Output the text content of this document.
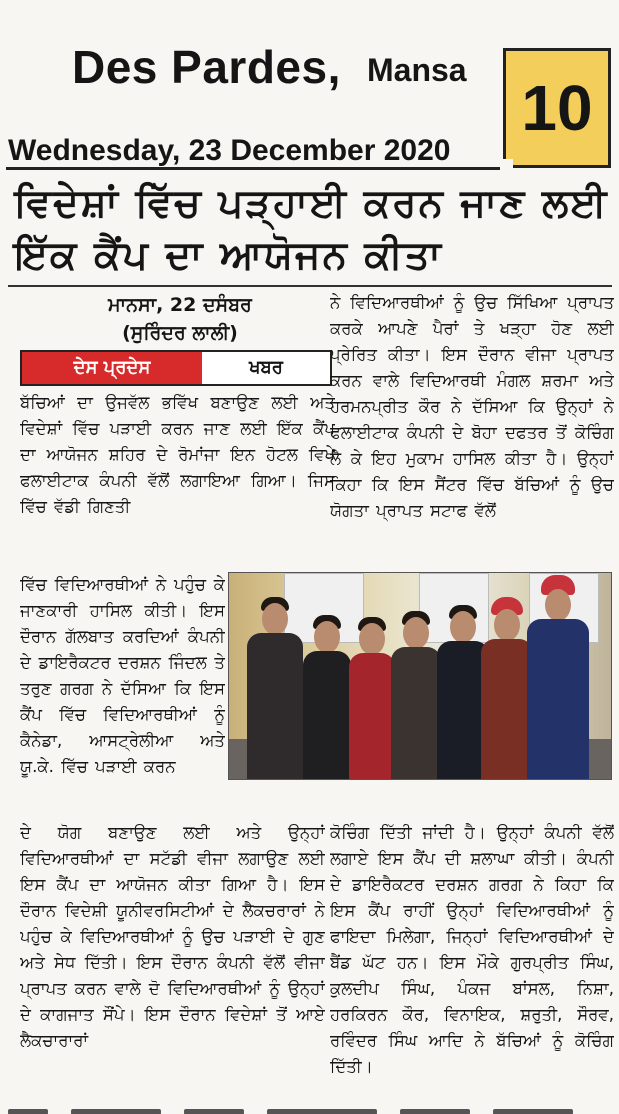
Des Pardes, Mansa
10
Wednesday, 23 December 2020
ਵਿਦੇਸ਼ਾਂ ਵਿੱਚ ਪੜ੍ਹਾਈ ਕਰਨ ਜਾਣ ਲਈ ਇੱਕ ਕੈਂਪ ਦਾ ਆਯੋਜਨ ਕੀਤਾ
ਮਾਨਸਾ, 22 ਦਸੰਬਰ
(ਸੁਰਿੰਦਰ ਲਾਲੀ)
ਦੇਸ ਪ੍ਰਦੇਸ	ਖਬਰ
ਬੱਚਿਆਂ ਦਾ ਉਜਵੱਲ ਭਵਿੱਖ ਬਣਾਉਣ ਲਈ ਅਤੇ ਵਿਦੇਸ਼ਾਂ ਵਿੱਚ ਪੜਾਈ ਕਰਨ ਜਾਣ ਲਈ ਇੱਕ ਕੈਂਪ ਦਾ ਆਯੋਜਨ ਸ਼ਹਿਰ ਦੇ ਰੋਮਾਂਜਾ ਇਨ ਹੋਟਲ ਵਿਖੇ ਫਲਾਈਟਾਕ ਕੰਪਨੀ ਵੱਲੋਂ ਲਗਾਇਆ ਗਿਆ। ਜਿਸ ਵਿੱਚ ਵੱਡੀ ਗਿਣਤੀ
ਵਿੱਚ ਵਿਦਿਆਰਥੀਆਂ ਨੇ ਪਹੁੰਚ ਕੇ ਜਾਣਕਾਰੀ ਹਾਸਿਲ ਕੀਤੀ। ਇਸ ਦੌਰਾਨ ਗੱਲਬਾਤ ਕਰਦਿਆਂ ਕੰਪਨੀ ਦੇ ਡਾਇਰੈਕਟਰ ਦਰਸ਼ਨ ਜਿੰਦਲ ਤੇ ਤਰੁਣ ਗਰਗ ਨੇ ਦੱਸਿਆ ਕਿ ਇਸ ਕੈਂਪ ਵਿੱਚ ਵਿਦਿਆਰਥੀਆਂ ਨੂੰ ਕੈਨੇਡਾ, ਆਸਟ੍ਰੇਲੀਆ ਅਤੇ ਯੂ.ਕੇ. ਵਿੱਚ ਪੜਾਈ ਕਰਨ
ਨੇ ਵਿਦਿਆਰਥੀਆਂ ਨੂੰ ਉਚ ਸਿੱਖਿਆ ਪ੍ਰਾਪਤ ਕਰਕੇ ਆਪਣੇ ਪੈਰਾਂ ਤੇ ਖੜ੍ਹਾ ਹੋਣ ਲਈ ਪ੍ਰੇਰਿਤ ਕੀਤਾ। ਇਸ ਦੌਰਾਨ ਵੀਜਾ ਪ੍ਰਾਪਤ ਕਰਨ ਵਾਲੇ ਵਿਦਿਆਰਥੀ ਮੰਗਲ ਸ਼ਰਮਾ ਅਤੇ ਹਰਮਨਪ੍ਰੀਤ ਕੌਰ ਨੇ ਦੱਸਿਆ ਕਿ ਉਨ੍ਹਾਂ ਨੇ ਫਲਾਈਟਾਕ ਕੰਪਨੀ ਦੇ ਬੋਹਾ ਦਫਤਰ ਤੋਂ ਕੋਚਿੰਗ ਲੈ ਕੇ ਇਹ ਮੁਕਾਮ ਹਾਸਿਲ ਕੀਤਾ ਹੈ। ਉਨ੍ਹਾਂ ਕਿਹਾ ਕਿ ਇਸ ਸੈਂਟਰ ਵਿੱਚ ਬੱਚਿਆਂ ਨੂੰ ਉਚ ਯੋਗਤਾ ਪ੍ਰਾਪਤ ਸਟਾਫ ਵੱਲੋਂ
ਦੇ ਯੋਗ ਬਣਾਉਣ ਲਈ ਅਤੇ ਉਨ੍ਹਾਂ ਵਿਦਿਆਰਥੀਆਂ ਦਾ ਸਟੱਡੀ ਵੀਜਾ ਲਗਾਉਣ ਲਈ ਇਸ ਕੈਂਪ ਦਾ ਆਯੋਜਨ ਕੀਤਾ ਗਿਆ ਹੈ। ਇਸ ਦੌਰਾਨ ਵਿਦੇਸ਼ੀ ਯੂਨੀਵਰਸਿਟੀਆਂ ਦੇ ਲੈਕਚਰਾਰਾਂ ਨੇ ਪਹੁੰਚ ਕੇ ਵਿਦਿਆਰਥੀਆਂ ਨੂੰ ਉਚ ਪੜਾਈ ਦੇ ਗੁਣ ਅਤੇ ਸੇਧ ਦਿੱਤੀ। ਇਸ ਦੌਰਾਨ ਕੰਪਨੀ ਵੱਲੋਂ ਵੀਜਾ ਪ੍ਰਾਪਤ ਕਰਨ ਵਾਲੇ ਦੋ ਵਿਦਿਆਰਥੀਆਂ ਨੂੰ ਉਨ੍ਹਾਂ ਦੇ ਕਾਗਜਾਤ ਸੌਂਪੇ। ਇਸ ਦੌਰਾਨ ਵਿਦੇਸ਼ਾਂ ਤੋਂ ਆਏ ਲੈਕਚਾਰਾਰਾਂ
ਕੋਚਿੰਗ ਦਿੱਤੀ ਜਾਂਦੀ ਹੈ। ਉਨ੍ਹਾਂ ਕੰਪਨੀ ਵੱਲੋਂ ਲਗਾਏ ਇਸ ਕੈਂਪ ਦੀ ਸ਼ਲਾਘਾ ਕੀਤੀ। ਕੰਪਨੀ ਦੇ ਡਾਇਰੈਕਟਰ ਦਰਸ਼ਨ ਗਰਗ ਨੇ ਕਿਹਾ ਕਿ ਇਸ ਕੈਂਪ ਰਾਹੀਂ ਉਨ੍ਹਾਂ ਵਿਦਿਆਰਥੀਆਂ ਨੂੰ ਫਾਇਦਾ ਮਿਲੇਗਾ, ਜਿਨ੍ਹਾਂ ਵਿਦਿਆਰਥੀਆਂ ਦੇ ਬੈਂਡ ਘੱਟ ਹਨ। ਇਸ ਮੌਕੇ ਗੁਰਪ੍ਰੀਤ ਸਿੰਘ, ਕੁਲਦੀਪ ਸਿੰਘ, ਪੰਕਜ ਬਾਂਸਲ, ਨਿਸ਼ਾ, ਹਰਕਿਰਨ ਕੌਰ, ਵਿਨਾਇਕ, ਸ਼ਰੁਤੀ, ਸੌਰਵ, ਰਵਿੰਦਰ ਸਿੰਘ ਆਦਿ ਨੇ ਬੱਚਿਆਂ ਨੂੰ ਕੋਚਿੰਗ ਦਿੱਤੀ।
